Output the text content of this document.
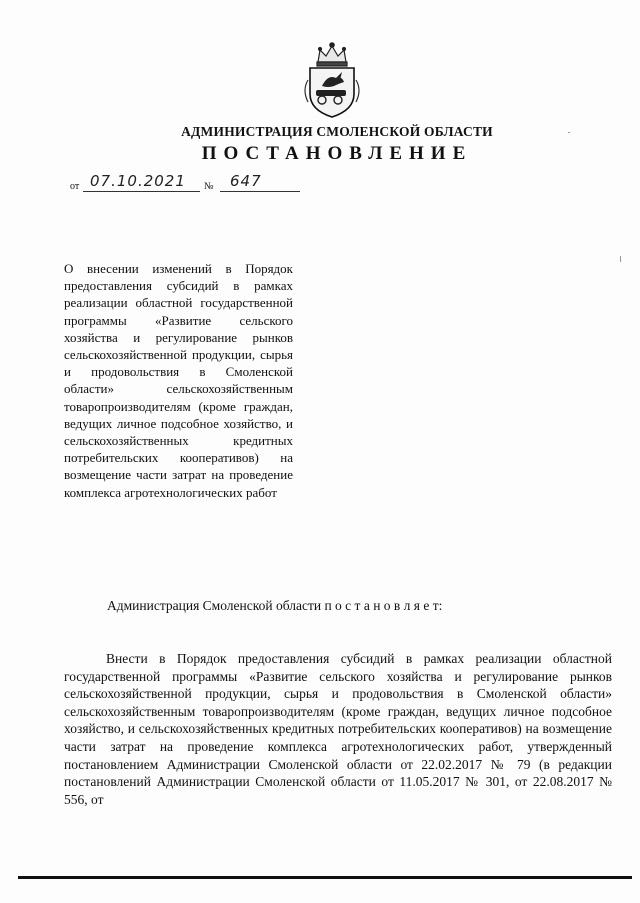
АДМИНИСТРАЦИЯ СМОЛЕНСКОЙ ОБЛАСТИ
ПОСТАНОВЛЕНИЕ
от 07.10.2021 № 647
О внесении изменений в Порядок предоставления субсидий в рамках реализации областной государственной программы «Развитие сельского хозяйства и регулирование рынков сельскохозяйственной продукции, сырья и продовольствия в Смоленской области» сельскохозяйственным товаропроизводителям (кроме граждан, ведущих личное подсобное хозяйство, и сельскохозяйственных кредитных потребительских кооперативов) на возмещение части затрат на проведение комплекса агротехнологических работ
Администрация Смоленской области п о с т а н о в л я е т:
Внести в Порядок предоставления субсидий в рамках реализации областной государственной программы «Развитие сельского хозяйства и регулирование рынков сельскохозяйственной продукции, сырья и продовольствия в Смоленской области» сельскохозяйственным товаропроизводителям (кроме граждан, ведущих личное подсобное хозяйство, и сельскохозяйственных кредитных потребительских кооперативов) на возмещение части затрат на проведение комплекса агротехнологических работ, утвержденный постановлением Администрации Смоленской области от 22.02.2017 № 79 (в редакции постановлений Администрации Смоленской области от 11.05.2017 № 301, от 22.08.2017 № 556, от
